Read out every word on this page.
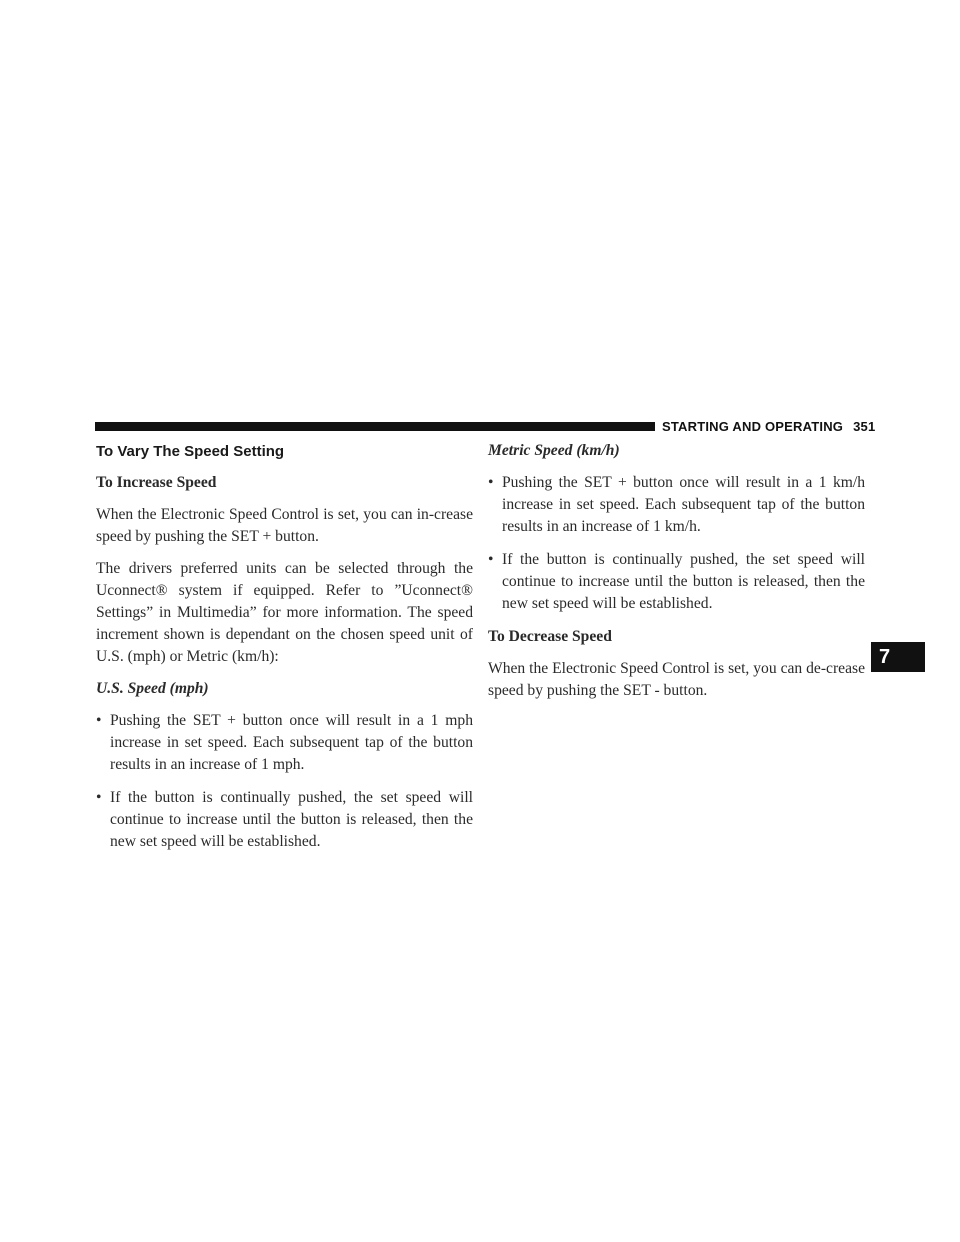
STARTING AND OPERATING 351
7
To Vary The Speed Setting
To Increase Speed

When the Electronic Speed Control is set, you can in-crease speed by pushing the SET + button.

The drivers preferred units can be selected through the Uconnect® system if equipped. Refer to ”Uconnect® Settings” in Multimedia” for more information. The speed increment shown is dependant on the chosen speed unit of U.S. (mph) or Metric (km/h):

U.S. Speed (mph)
• Pushing the SET + button once will result in a 1 mph increase in set speed. Each subsequent tap of the button results in an increase of 1 mph.
• If the button is continually pushed, the set speed will continue to increase until the button is released, then the new set speed will be established.
Metric Speed (km/h)
• Pushing the SET + button once will result in a 1 km/h increase in set speed. Each subsequent tap of the button results in an increase of 1 km/h.
• If the button is continually pushed, the set speed will continue to increase until the button is released, then the new set speed will be established.
To Decrease Speed

When the Electronic Speed Control is set, you can de-crease speed by pushing the SET - button.
